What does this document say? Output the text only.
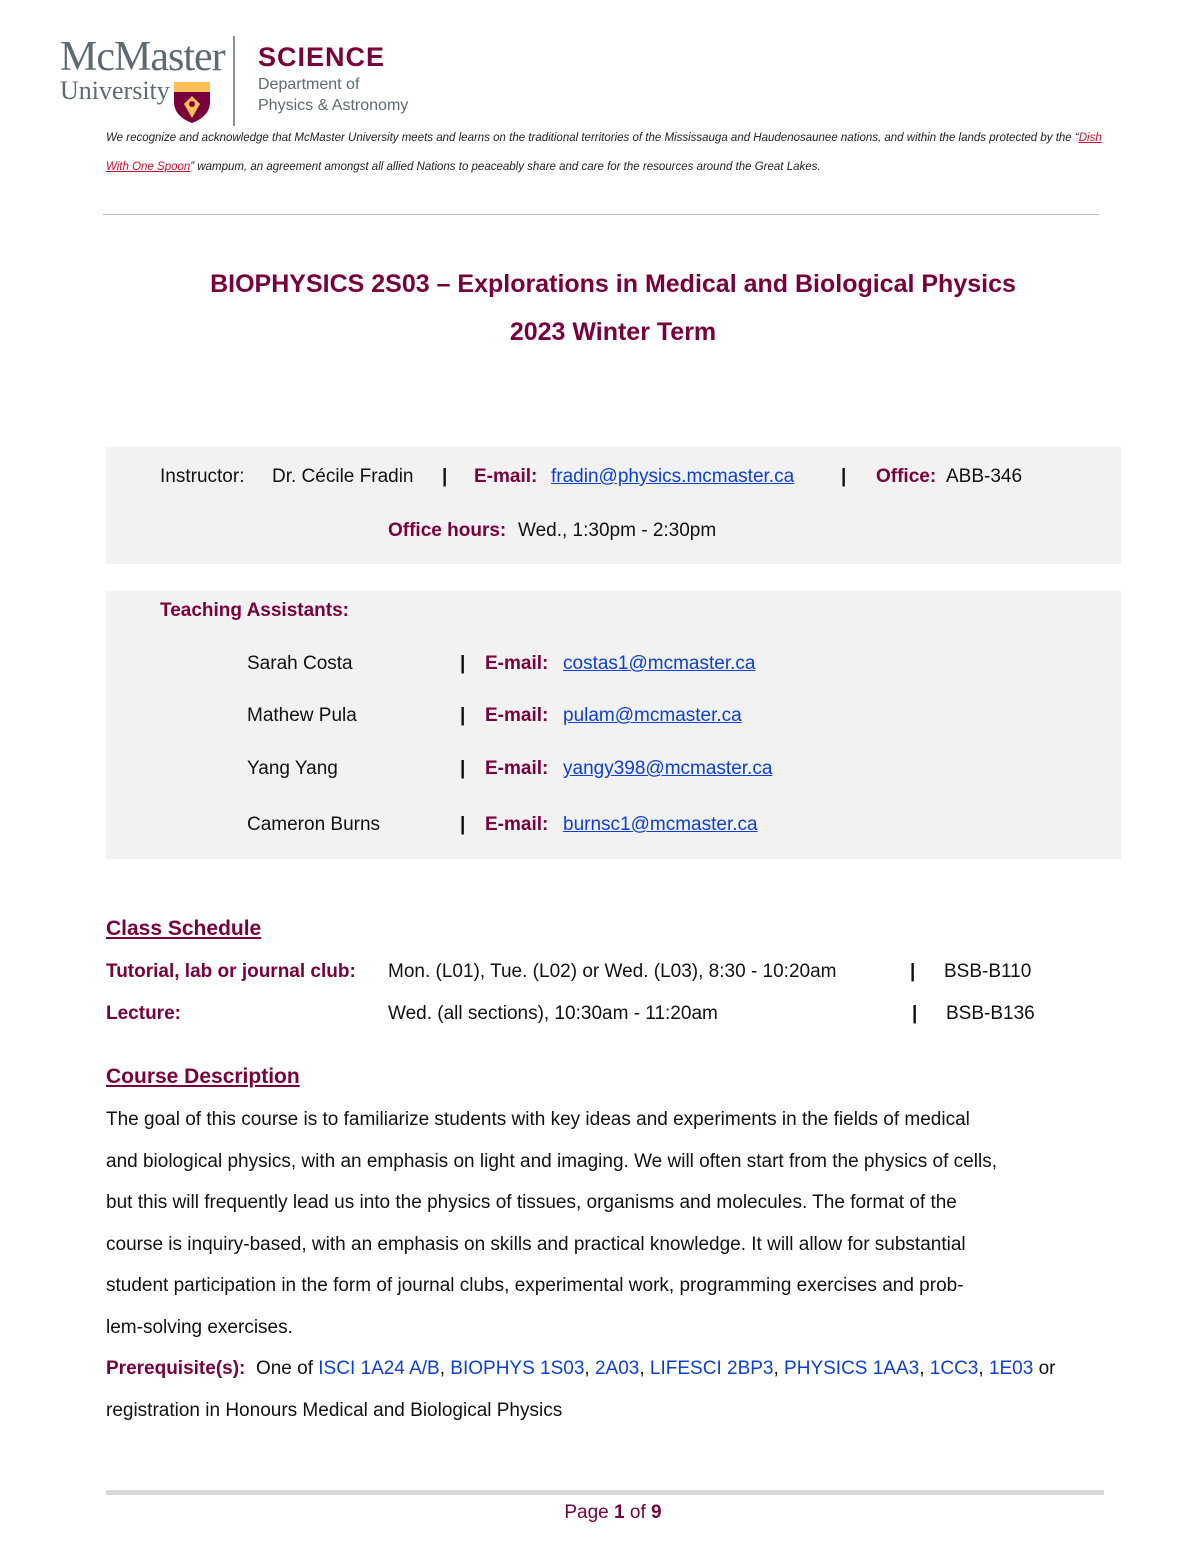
McMaster
University
SCIENCE
Department of
Physics & Astronomy
We recognize and acknowledge that McMaster University meets and learns on the traditional territories of the Mississauga and Haudenosaunee nations, and within the lands protected by the “Dish With One Spoon” wampum, an agreement amongst all allied Nations to peaceably share and care for the resources around the Great Lakes.
BIOPHYSICS 2S03 – Explorations in Medical and Biological Physics
2023 Winter Term
Instructor: Dr. Cécile Fradin | E-mail: fradin@physics.mcmaster.ca | Office: ABB-346
Office hours: Wed., 1:30pm - 2:30pm
Teaching Assistants:
Sarah Costa	| E-mail: costas1@mcmaster.ca
Mathew Pula	| E-mail: pulam@mcmaster.ca
Yang Yang	| E-mail: yangy398@mcmaster.ca
Cameron Burns	| E-mail: burnsc1@mcmaster.ca
Class Schedule
Tutorial, lab or journal club: Mon. (L01), Tue. (L02) or Wed. (L03), 8:30 - 10:20am	| BSB-B110
Lecture:	Wed. (all sections), 10:30am - 11:20am	| BSB-B136
Course Description
The goal of this course is to familiarize students with key ideas and experiments in the fields of medical
and biological physics, with an emphasis on light and imaging. We will often start from the physics of cells,
but this will frequently lead us into the physics of tissues, organisms and molecules. The format of the
course is inquiry-based, with an emphasis on skills and practical knowledge. It will allow for substantial
student participation in the form of journal clubs, experimental work, programming exercises and prob-
lem-solving exercises.
Prerequisite(s): One of ISCI 1A24 A/B, BIOPHYS 1S03, 2A03, LIFESCI 2BP3, PHYSICS 1AA3, 1CC3, 1E03 or
registration in Honours Medical and Biological Physics
Page 1 of 9
